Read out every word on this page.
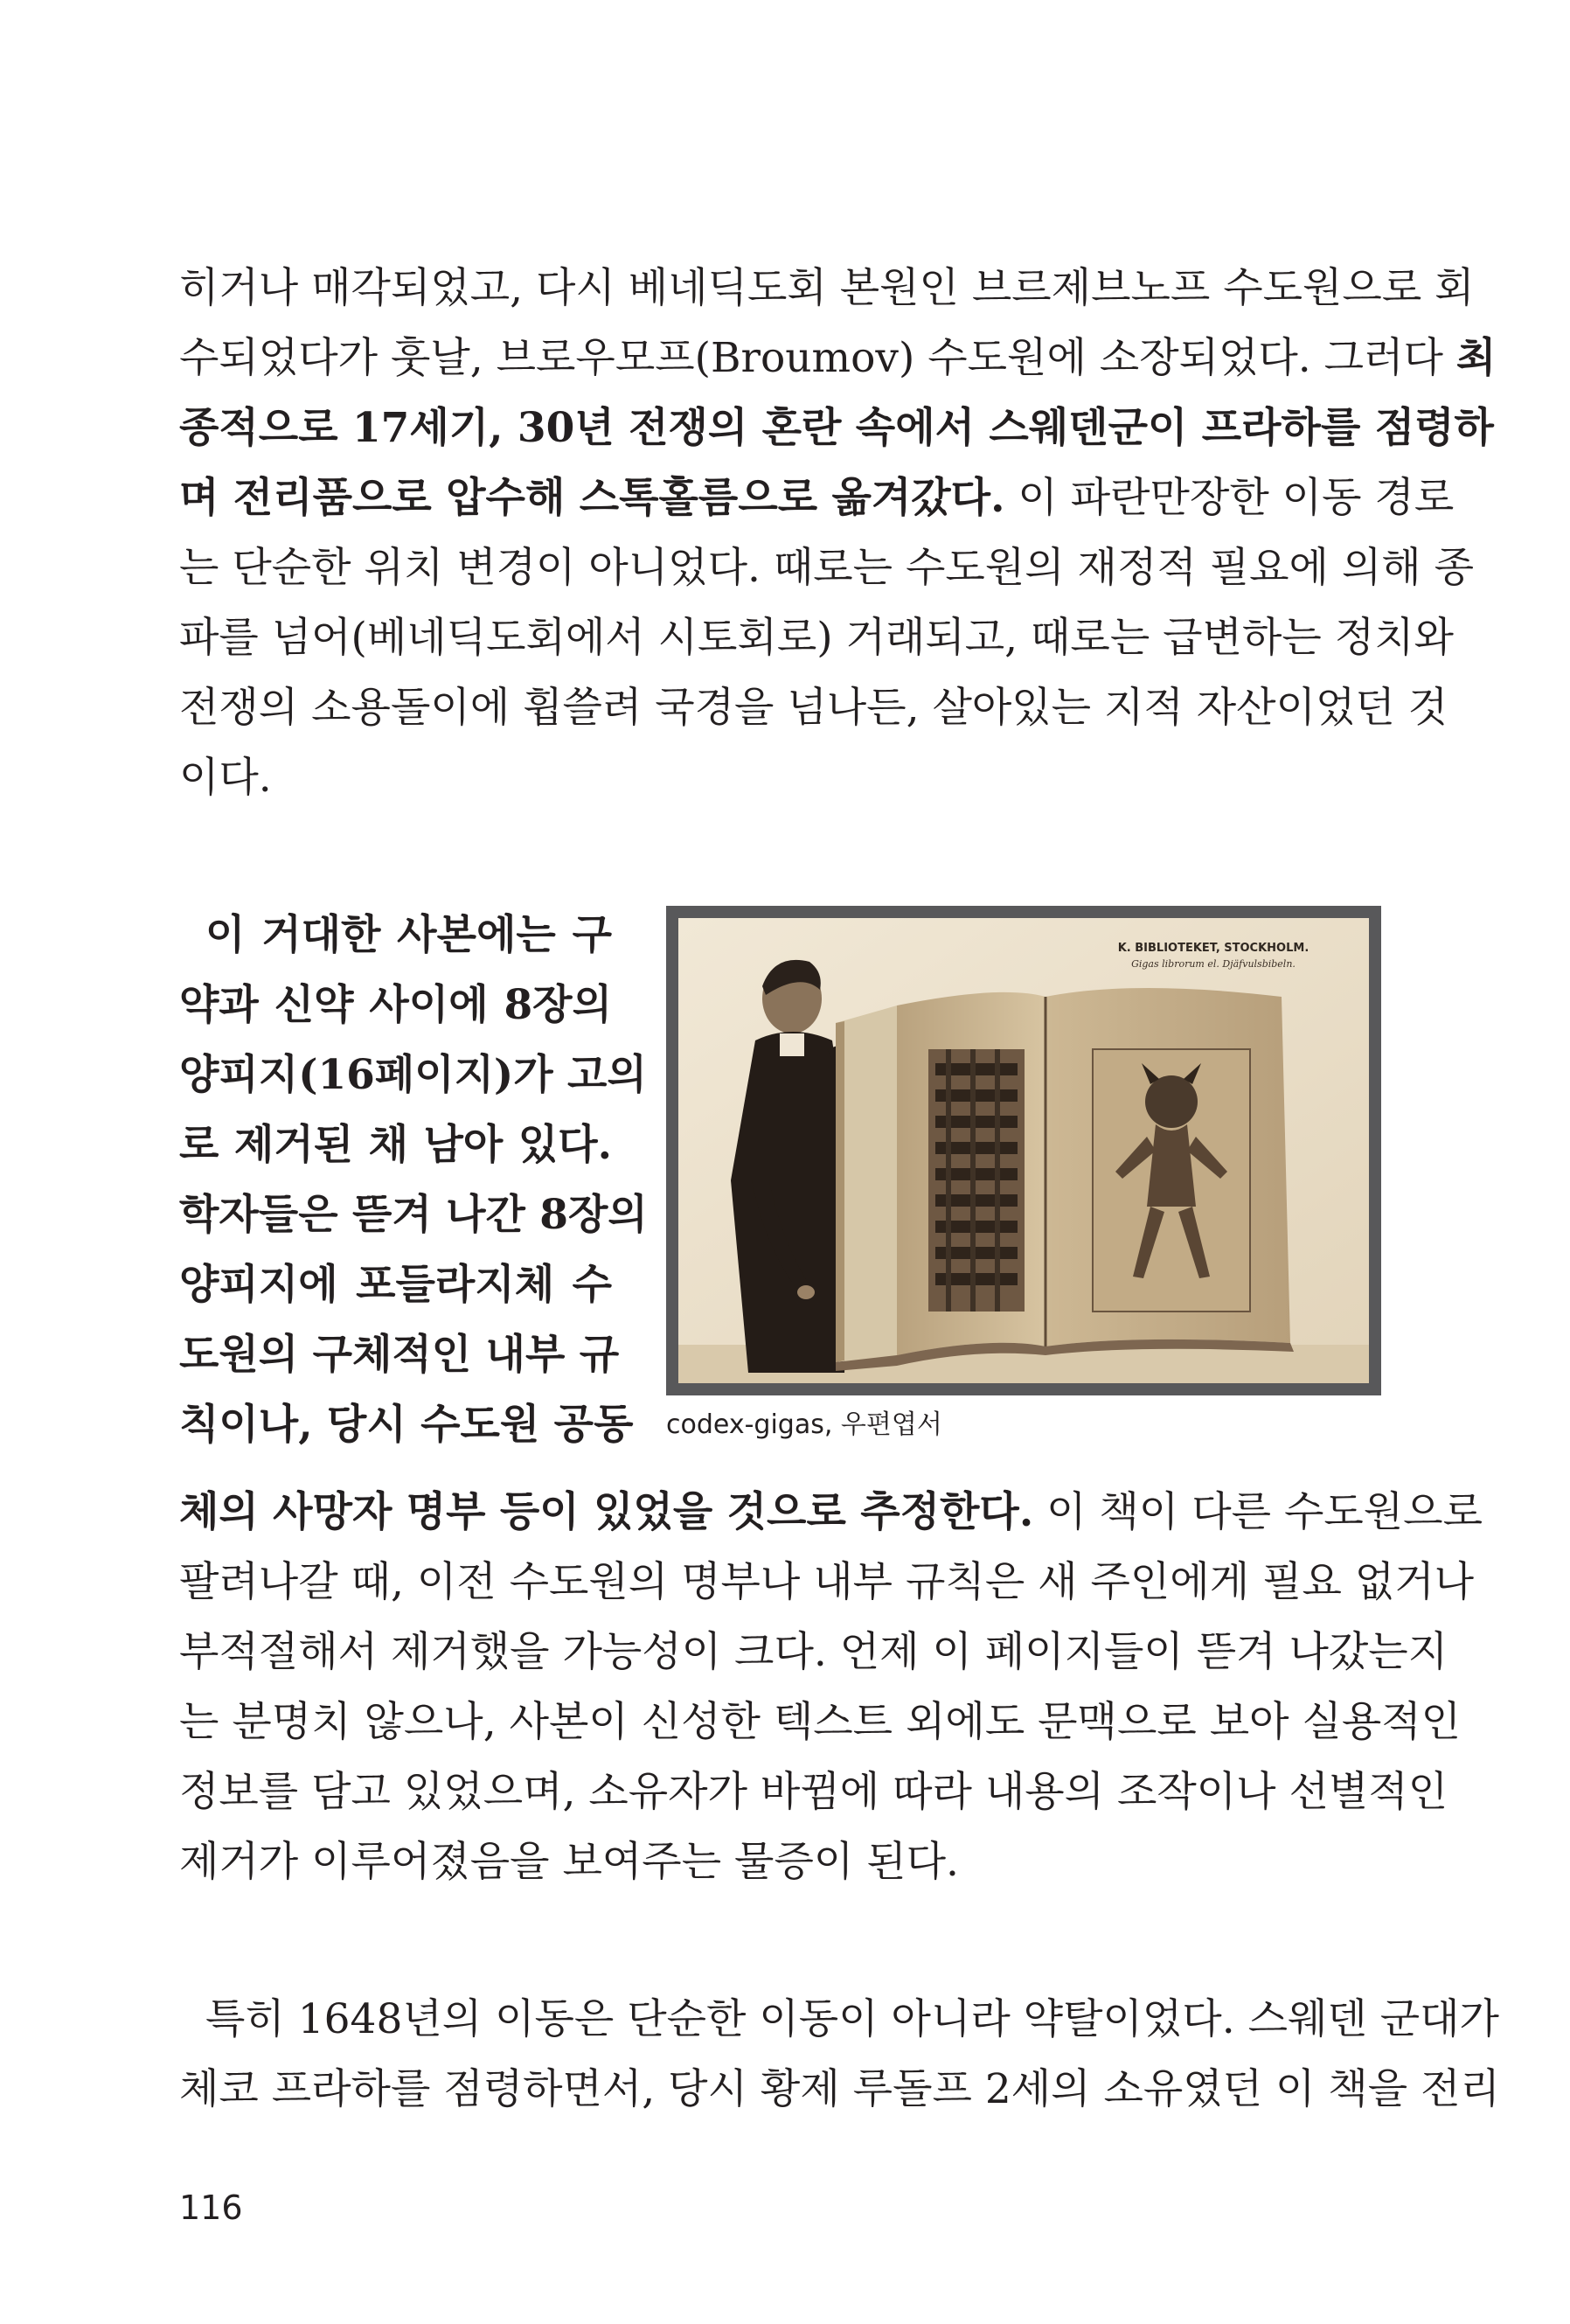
히거나 매각되었고, 다시 베네딕도회 본원인 브르제브노프 수도원으로 회
수되었다가 훗날, 브로우모프(Broumov) 수도원에 소장되었다. 그러다 최
종적으로 17세기, 30년 전쟁의 혼란 속에서 스웨덴군이 프라하를 점령하
며 전리품으로 압수해 스톡홀름으로 옮겨갔다. 이 파란만장한 이동 경로
는 단순한 위치 변경이 아니었다. 때로는 수도원의 재정적 필요에 의해 종
파를 넘어(베네딕도회에서 시토회로) 거래되고, 때로는 급변하는 정치와
전쟁의 소용돌이에 휩쓸려 국경을 넘나든, 살아있는 지적 자산이었던 것
이다.
이 거대한 사본에는 구
약과 신약 사이에 8장의
양피지(16페이지)가 고의
로 제거된 채 남아 있다.
학자들은 뜯겨 나간 8장의
양피지에 포들라지체 수
도원의 구체적인 내부 규
칙이나, 당시 수도원 공동
K. BIBLIOTEKET, STOCKHOLM.
Gigas librorum el. Djäfvulsbibeln.
codex-gigas, 우편엽서
체의 사망자 명부 등이 있었을 것으로 추정한다. 이 책이 다른 수도원으로
팔려나갈 때, 이전 수도원의 명부나 내부 규칙은 새 주인에게 필요 없거나
부적절해서 제거했을 가능성이 크다. 언제 이 페이지들이 뜯겨 나갔는지
는 분명치 않으나, 사본이 신성한 텍스트 외에도 문맥으로 보아 실용적인
정보를 담고 있었으며, 소유자가 바뀜에 따라 내용의 조작이나 선별적인
제거가 이루어졌음을 보여주는 물증이 된다.
특히 1648년의 이동은 단순한 이동이 아니라 약탈이었다. 스웨덴 군대가
체코 프라하를 점령하면서, 당시 황제 루돌프 2세의 소유였던 이 책을 전리
116
